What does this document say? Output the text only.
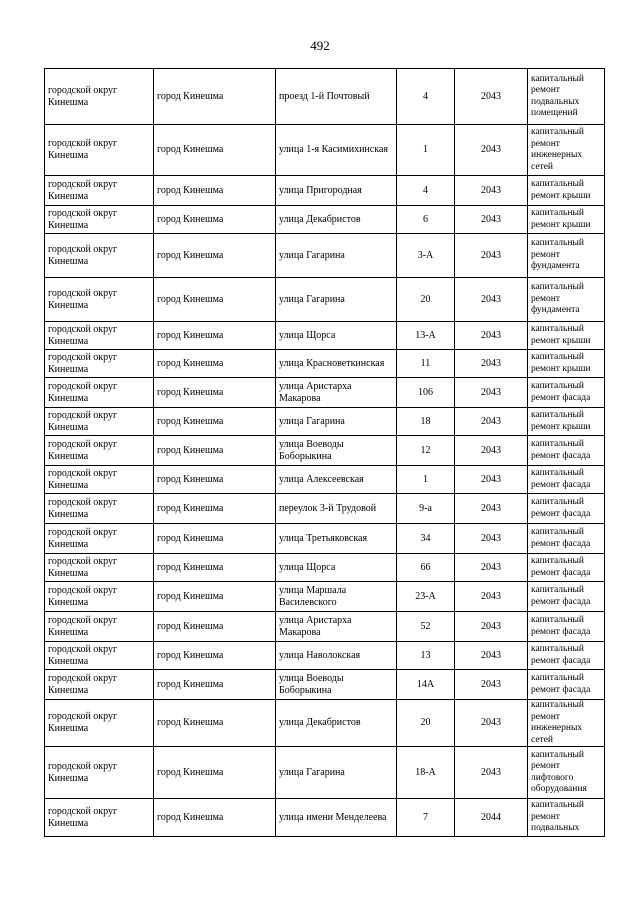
492
городской округ Кинешма	город Кинешма	проезд 1-й Почтовый	4	2043	капитальный ремонт подвальных помещений
городской округ Кинешма	город Кинешма	улица 1-я Касимихинская	1	2043	капитальный ремонт инженерных сетей
городской округ Кинешма	город Кинешма	улица Пригородная	4	2043	капитальный ремонт крыши
городской округ Кинешма	город Кинешма	улица Декабристов	6	2043	капитальный ремонт крыши
городской округ Кинешма	город Кинешма	улица Гагарина	3-А	2043	капитальный ремонт фундамента
городской округ Кинешма	город Кинешма	улица Гагарина	20	2043	капитальный ремонт фундамента
городской округ Кинешма	город Кинешма	улица Щорса	13-А	2043	капитальный ремонт крыши
городской округ Кинешма	город Кинешма	улица Красноветкинская	11	2043	капитальный ремонт крыши
городской округ Кинешма	город Кинешма	улица Аристарха Макарова	106	2043	капитальный ремонт фасада
городской округ Кинешма	город Кинешма	улица Гагарина	18	2043	капитальный ремонт крыши
городской округ Кинешма	город Кинешма	улица Воеводы Боборыкина	12	2043	капитальный ремонт фасада
городской округ Кинешма	город Кинешма	улица Алексеевская	1	2043	капитальный ремонт фасада
городской округ Кинешма	город Кинешма	переулок 3-й Трудовой	9-а	2043	капитальный ремонт фасада
городской округ Кинешма	город Кинешма	улица Третьяковская	34	2043	капитальный ремонт фасада
городской округ Кинешма	город Кинешма	улица Щорса	66	2043	капитальный ремонт фасада
городской округ Кинешма	город Кинешма	улица Маршала Василевского	23-А	2043	капитальный ремонт фасада
городской округ Кинешма	город Кинешма	улица Аристарха Макарова	52	2043	капитальный ремонт фасада
городской округ Кинешма	город Кинешма	улица Наволокская	13	2043	капитальный ремонт фасада
городской округ Кинешма	город Кинешма	улица Воеводы Боборыкина	14А	2043	капитальный ремонт фасада
городской округ Кинешма	город Кинешма	улица Декабристов	20	2043	капитальный ремонт инженерных сетей
городской округ Кинешма	город Кинешма	улица Гагарина	18-А	2043	капитальный ремонт лифтового оборудования
городской округ Кинешма	город Кинешма	улица имени Менделеева	7	2044	капитальный ремонт подвальных
